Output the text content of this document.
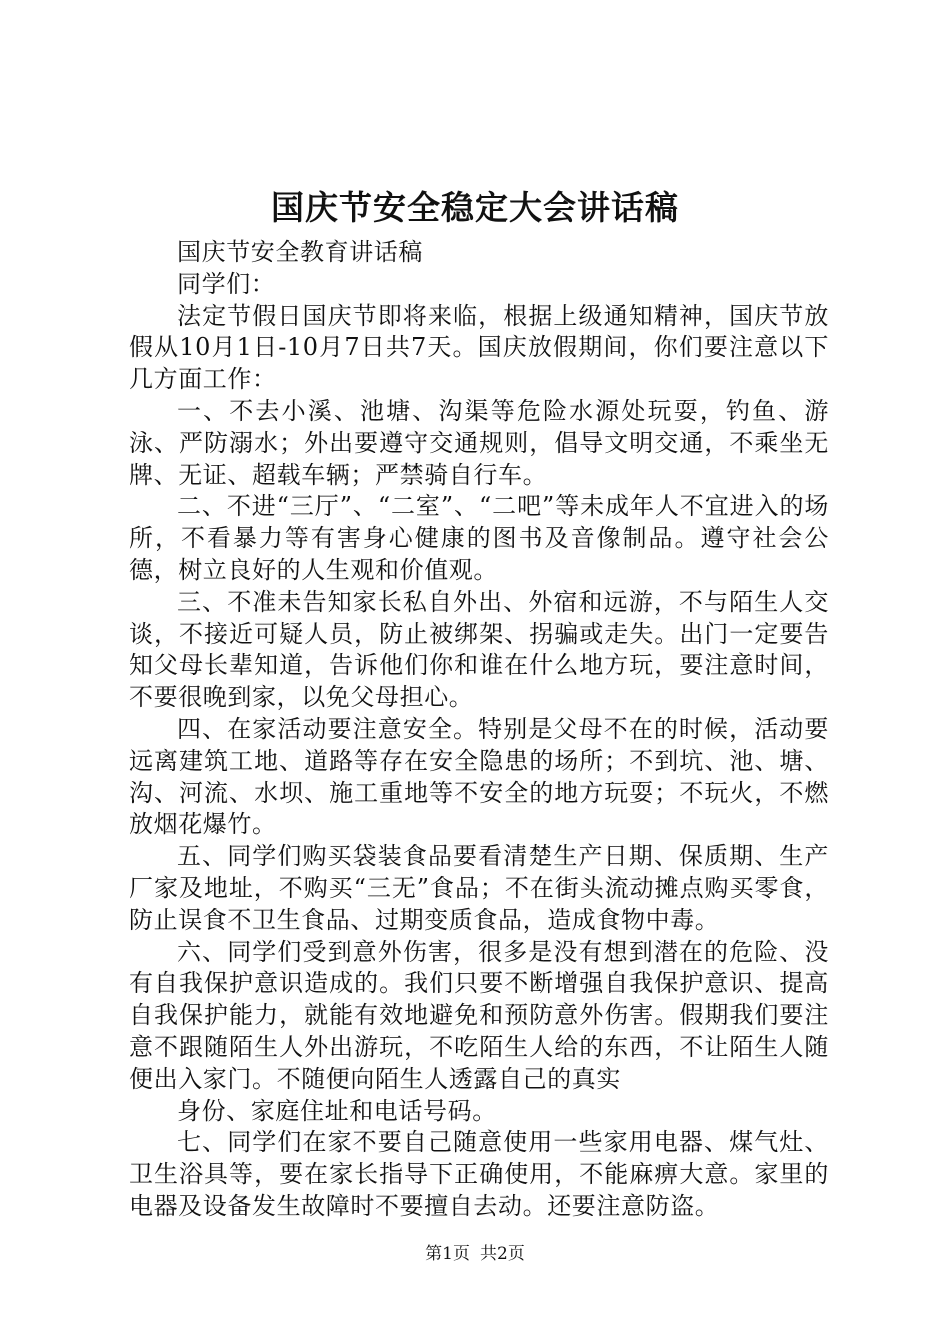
国庆节安全稳定大会讲话稿

国庆节安全教育讲话稿

同学们：

法定节假日国庆节即将来临，根据上级通知精神，国庆节放假从10月1日-10月7日共7天。国庆放假期间，你们要注意以下几方面工作：

一、不去小溪、池塘、沟渠等危险水源处玩耍，钓鱼、游泳、严防溺水；外出要遵守交通规则，倡导文明交通，不乘坐无牌、无证、超载车辆；严禁骑自行车。

二、不进“三厅”、“二室”、“二吧”等未成年人不宜进入的场所，不看暴力等有害身心健康的图书及音像制品。遵守社会公德，树立良好的人生观和价值观。

三、不准未告知家长私自外出、外宿和远游，不与陌生人交谈，不接近可疑人员，防止被绑架、拐骗或走失。出门一定要告知父母长辈知道，告诉他们你和谁在什么地方玩，要注意时间，不要很晚到家，以免父母担心。

四、在家活动要注意安全。特别是父母不在的时候，活动要远离建筑工地、道路等存在安全隐患的场所；不到坑、池、塘、沟、河流、水坝、施工重地等不安全的地方玩耍；不玩火，不燃放烟花爆竹。

五、同学们购买袋装食品要看清楚生产日期、保质期、生产厂家及地址，不购买“三无”食品；不在街头流动摊点购买零食，防止误食不卫生食品、过期变质食品，造成食物中毒。

六、同学们受到意外伤害，很多是没有想到潜在的危险、没有自我保护意识造成的。我们只要不断增强自我保护意识、提高自我保护能力，就能有效地避免和预防意外伤害。假期我们要注意不跟随陌生人外出游玩，不吃陌生人给的东西，不让陌生人随便出入家门。不随便向陌生人透露自己的真实

身份、家庭住址和电话号码。

七、同学们在家不要自己随意使用一些家用电器、煤气灶、卫生浴具等，要在家长指导下正确使用，不能麻痹大意。家里的电器及设备发生故障时不要擅自去动。还要注意防盗。

第1页 共2页
